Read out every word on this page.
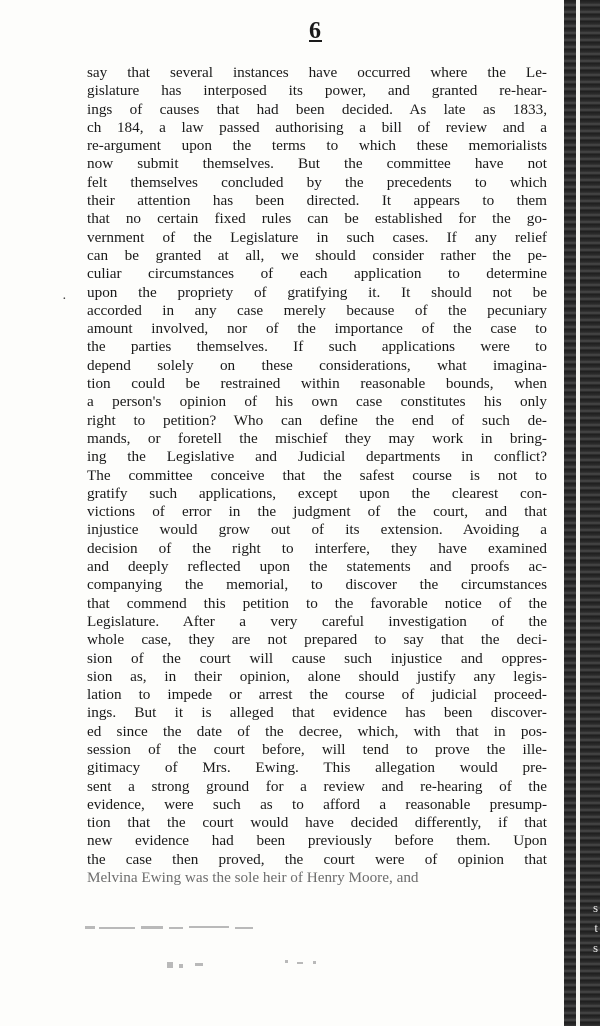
6
say that several instances have occurred where the Le-
gislature has interposed its power, and granted re-hear-
ings of causes that had been decided. As late as 1833,
ch 184, a law passed authorising a bill of review and a
re-argument upon the terms to which these memorialists
now submit themselves. But the committee have not
felt themselves concluded by the precedents to which
their attention has been directed. It appears to them
that no certain fixed rules can be established for the go-
vernment of the Legislature in such cases. If any relief
can be granted at all, we should consider rather the pe-
culiar circumstances of each application to determine
upon the propriety of gratifying it. It should not be
accorded in any case merely because of the pecuniary
amount involved, nor of the importance of the case to
the parties themselves. If such applications were to
depend solely on these considerations, what imagina-
tion could be restrained within reasonable bounds, when
a person's opinion of his own case constitutes his only
right to petition? Who can define the end of such de-
mands, or foretell the mischief they may work in bring-
ing the Legislative and Judicial departments in conflict?
The committee conceive that the safest course is not to
gratify such applications, except upon the clearest con-
victions of error in the judgment of the court, and that
injustice would grow out of its extension. Avoiding a
decision of the right to interfere, they have examined
and deeply reflected upon the statements and proofs ac-
companying the memorial, to discover the circumstances
that commend this petition to the favorable notice of the
Legislature. After a very careful investigation of the
whole case, they are not prepared to say that the deci-
sion of the court will cause such injustice and oppres-
sion as, in their opinion, alone should justify any legis-
lation to impede or arrest the course of judicial proceed-
ings. But it is alleged that evidence has been discover-
ed since the date of the decree, which, with that in pos-
session of the court before, will tend to prove the ille-
gitimacy of Mrs. Ewing. This allegation would pre-
sent a strong ground for a review and re-hearing of the
evidence, were such as to afford a reasonable presump-
tion that the court would have decided differently, if that
new evidence had been previously before them. Upon
the case then proved, the court were of opinion that
Melvina Ewing was the sole heir of Henry Moore, and
·
s
t
s
